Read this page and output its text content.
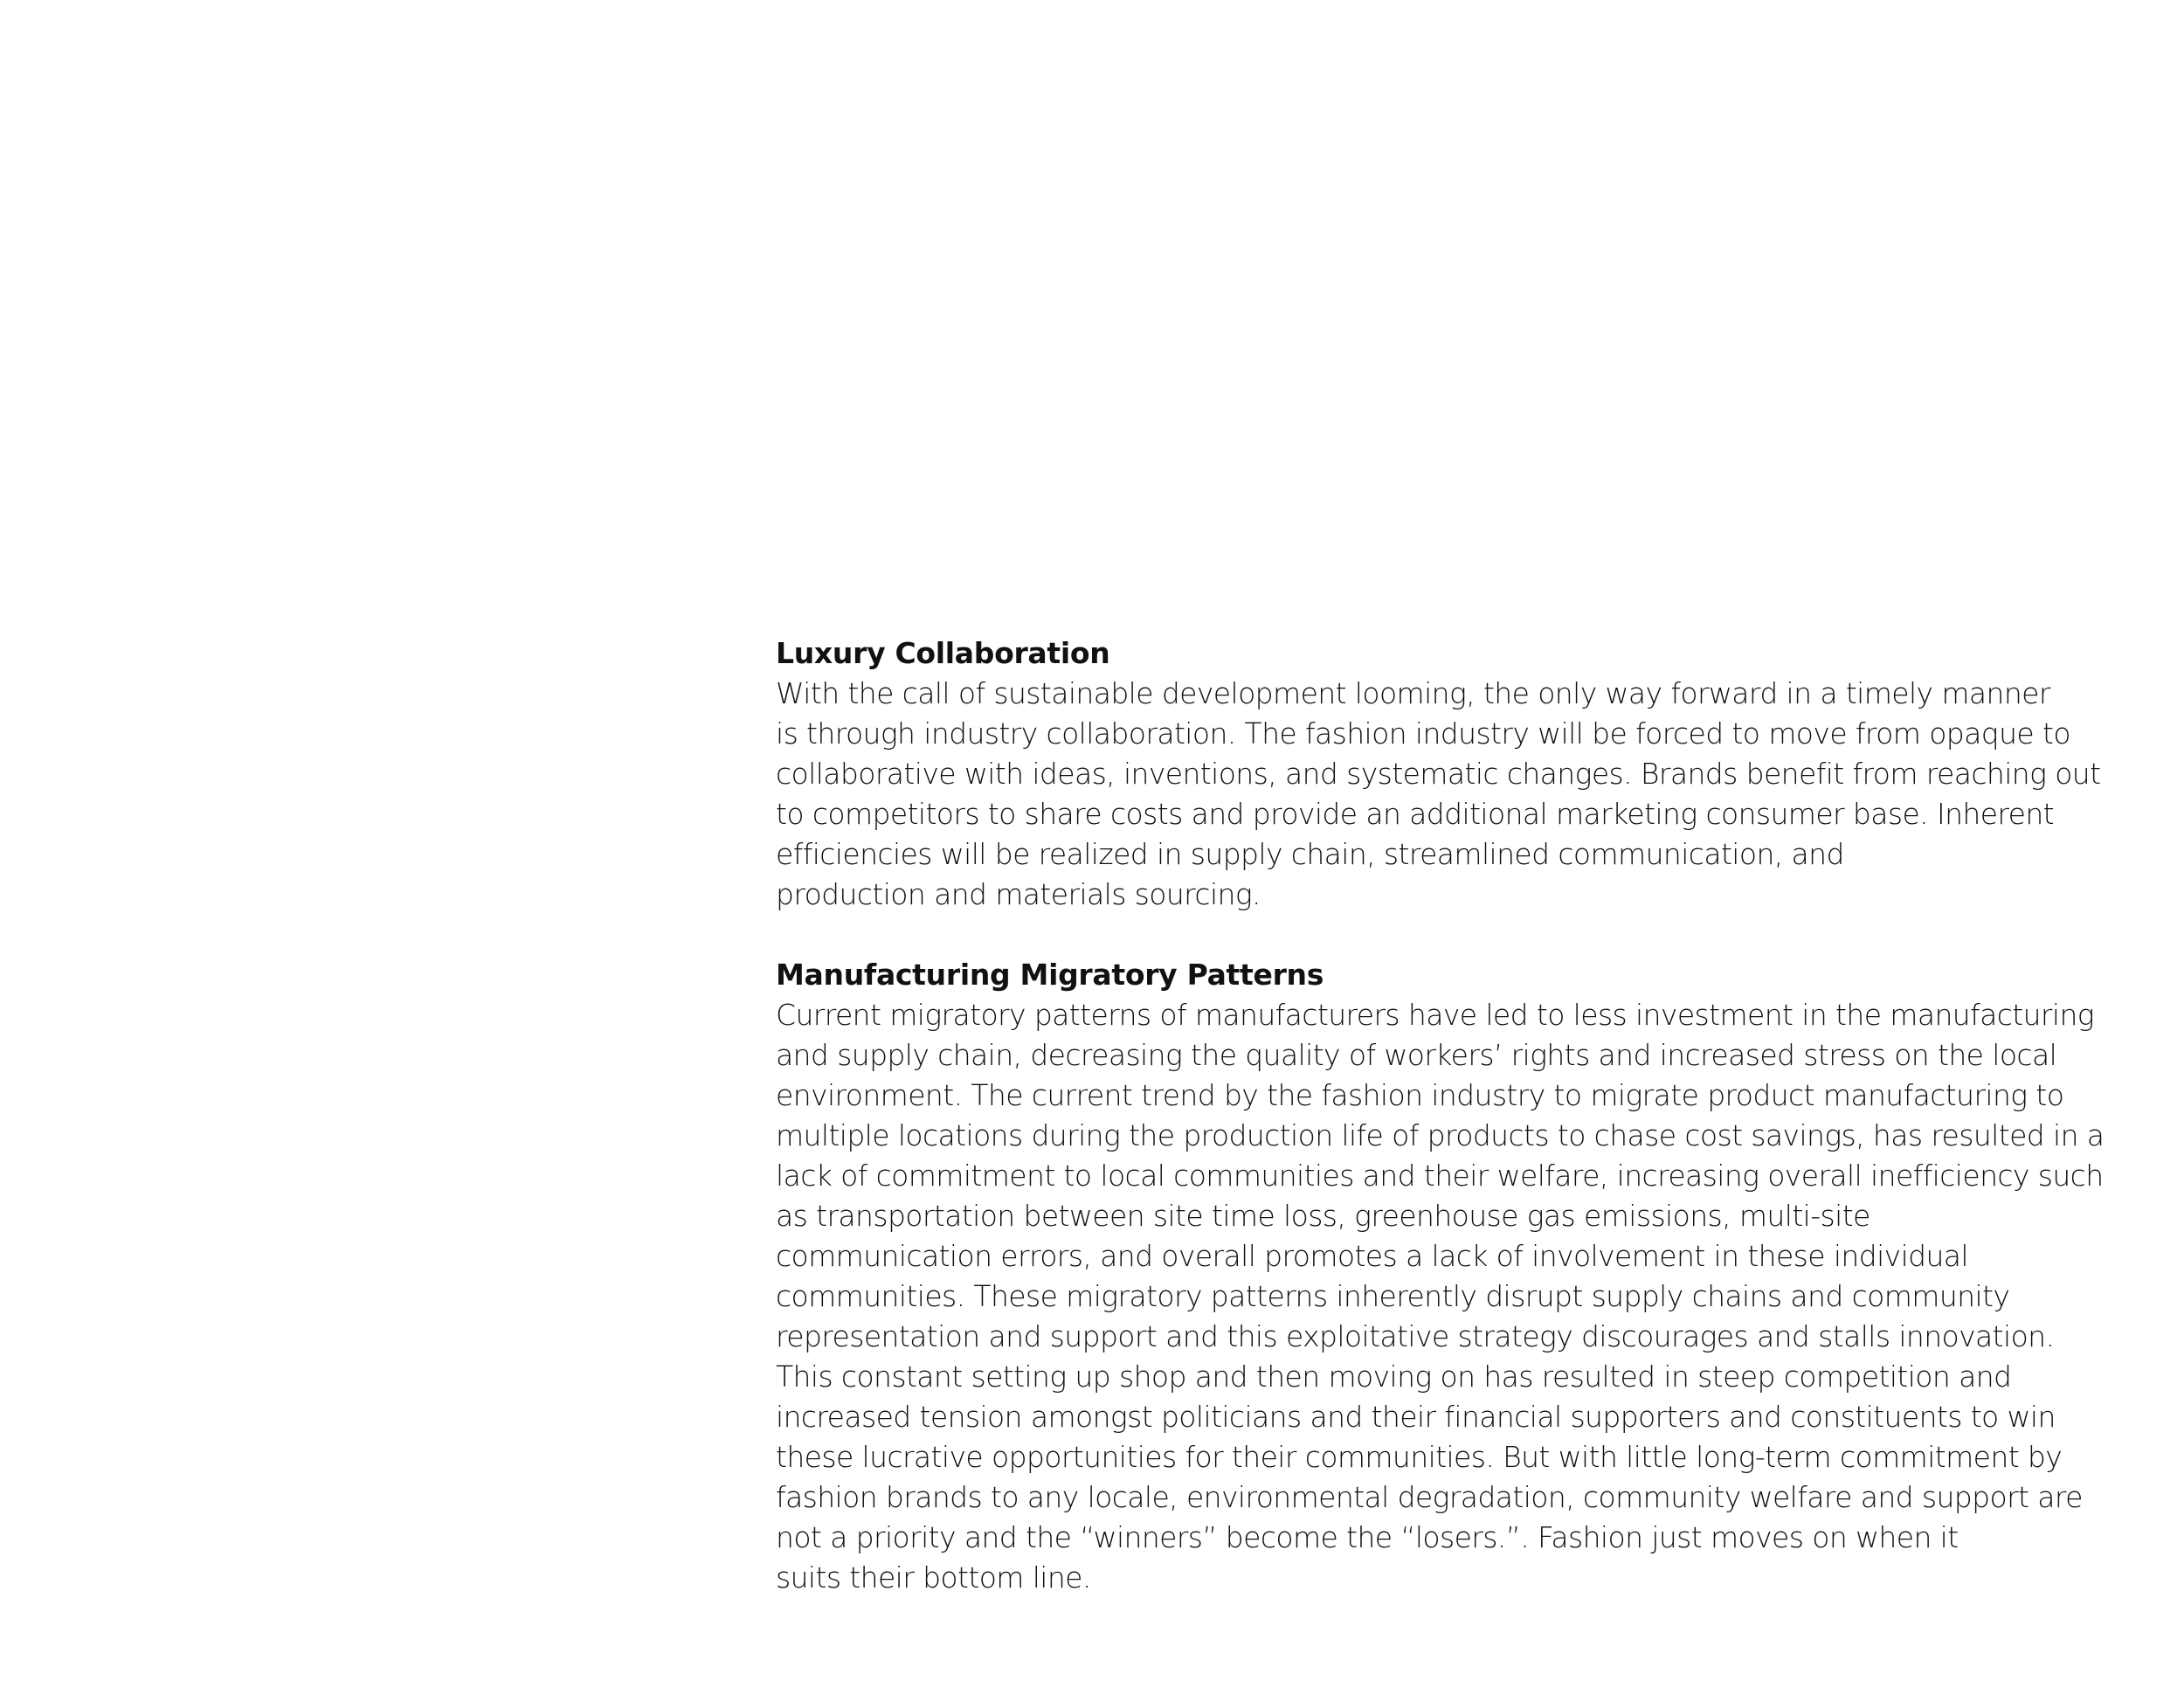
Luxury Collaboration
With the call of sustainable development looming, the only way forward in a timely manner
is through industry collaboration. The fashion industry will be forced to move from opaque to
collaborative with ideas, inventions, and systematic changes. Brands benefit from reaching out
to competitors to share costs and provide an additional marketing consumer base. Inherent
efficiencies will be realized in supply chain, streamlined communication, and
production and materials sourcing.
Manufacturing Migratory Patterns
Current migratory patterns of manufacturers have led to less investment in the manufacturing
and supply chain, decreasing the quality of workers’ rights and increased stress on the local
environment. The current trend by the fashion industry to migrate product manufacturing to
multiple locations during the production life of products to chase cost savings, has resulted in a
lack of commitment to local communities and their welfare, increasing overall inefficiency such
as transportation between site time loss, greenhouse gas emissions, multi-site
communication errors, and overall promotes a lack of involvement in these individual
communities. These migratory patterns inherently disrupt supply chains and community
representation and support and this exploitative strategy discourages and stalls innovation.
This constant setting up shop and then moving on has resulted in steep competition and
increased tension amongst politicians and their financial supporters and constituents to win
these lucrative opportunities for their communities. But with little long-term commitment by
fashion brands to any locale, environmental degradation, community welfare and support are
not a priority and the “winners” become the “losers.”. Fashion just moves on when it
suits their bottom line.
